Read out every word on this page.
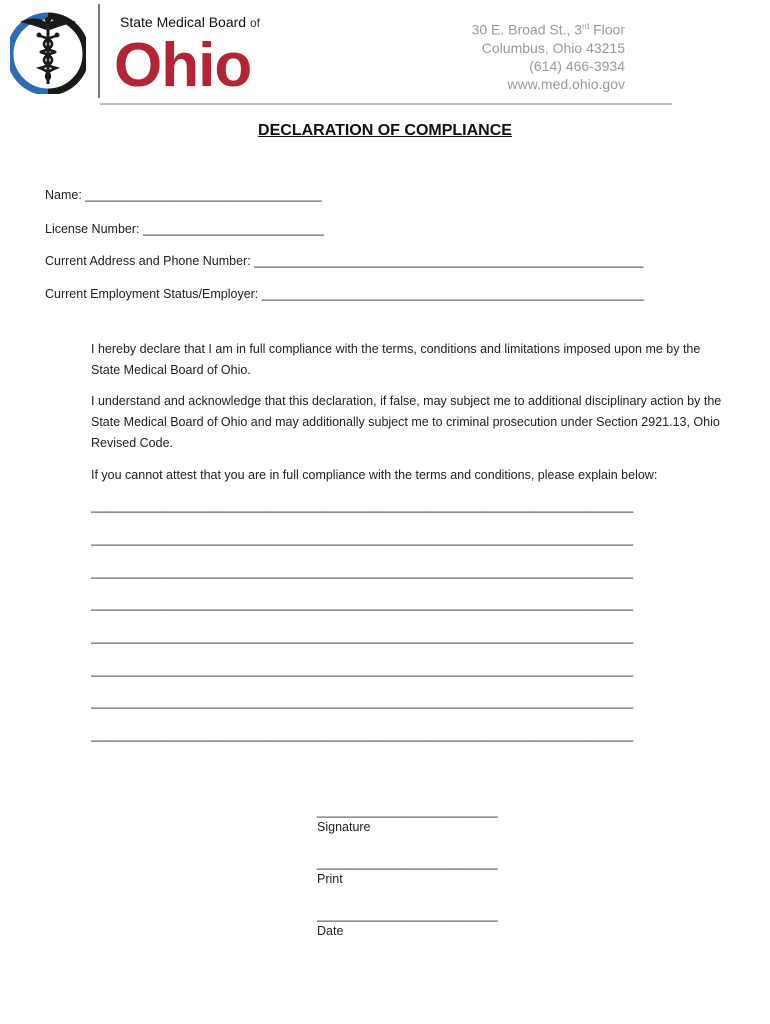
State Medical Board of
Ohio
30 E. Broad St., 3rd Floor
Columbus, Ohio 43215
(614) 466-3934
www.med.ohio.gov
DECLARATION OF COMPLIANCE
Name: __________________________________
License Number: __________________________
Current Address and Phone Number: ________________________________________________________
Current Employment Status/Employer: _______________________________________________________
I hereby declare that I am in full compliance with the terms, conditions and limitations imposed upon me by the State Medical Board of Ohio.
I understand and acknowledge that this declaration, if false, may subject me to additional disciplinary action by the State Medical Board of Ohio and may additionally subject me to criminal prosecution under Section 2921.13, Ohio Revised Code.
If you cannot attest that you are in full compliance with the terms and conditions, please explain below:
______________________________________________________________________________
______________________________________________________________________________
______________________________________________________________________________
______________________________________________________________________________
______________________________________________________________________________
______________________________________________________________________________
______________________________________________________________________________
______________________________________________________________________________
__________________________
Signature
__________________________
Print
__________________________
Date
